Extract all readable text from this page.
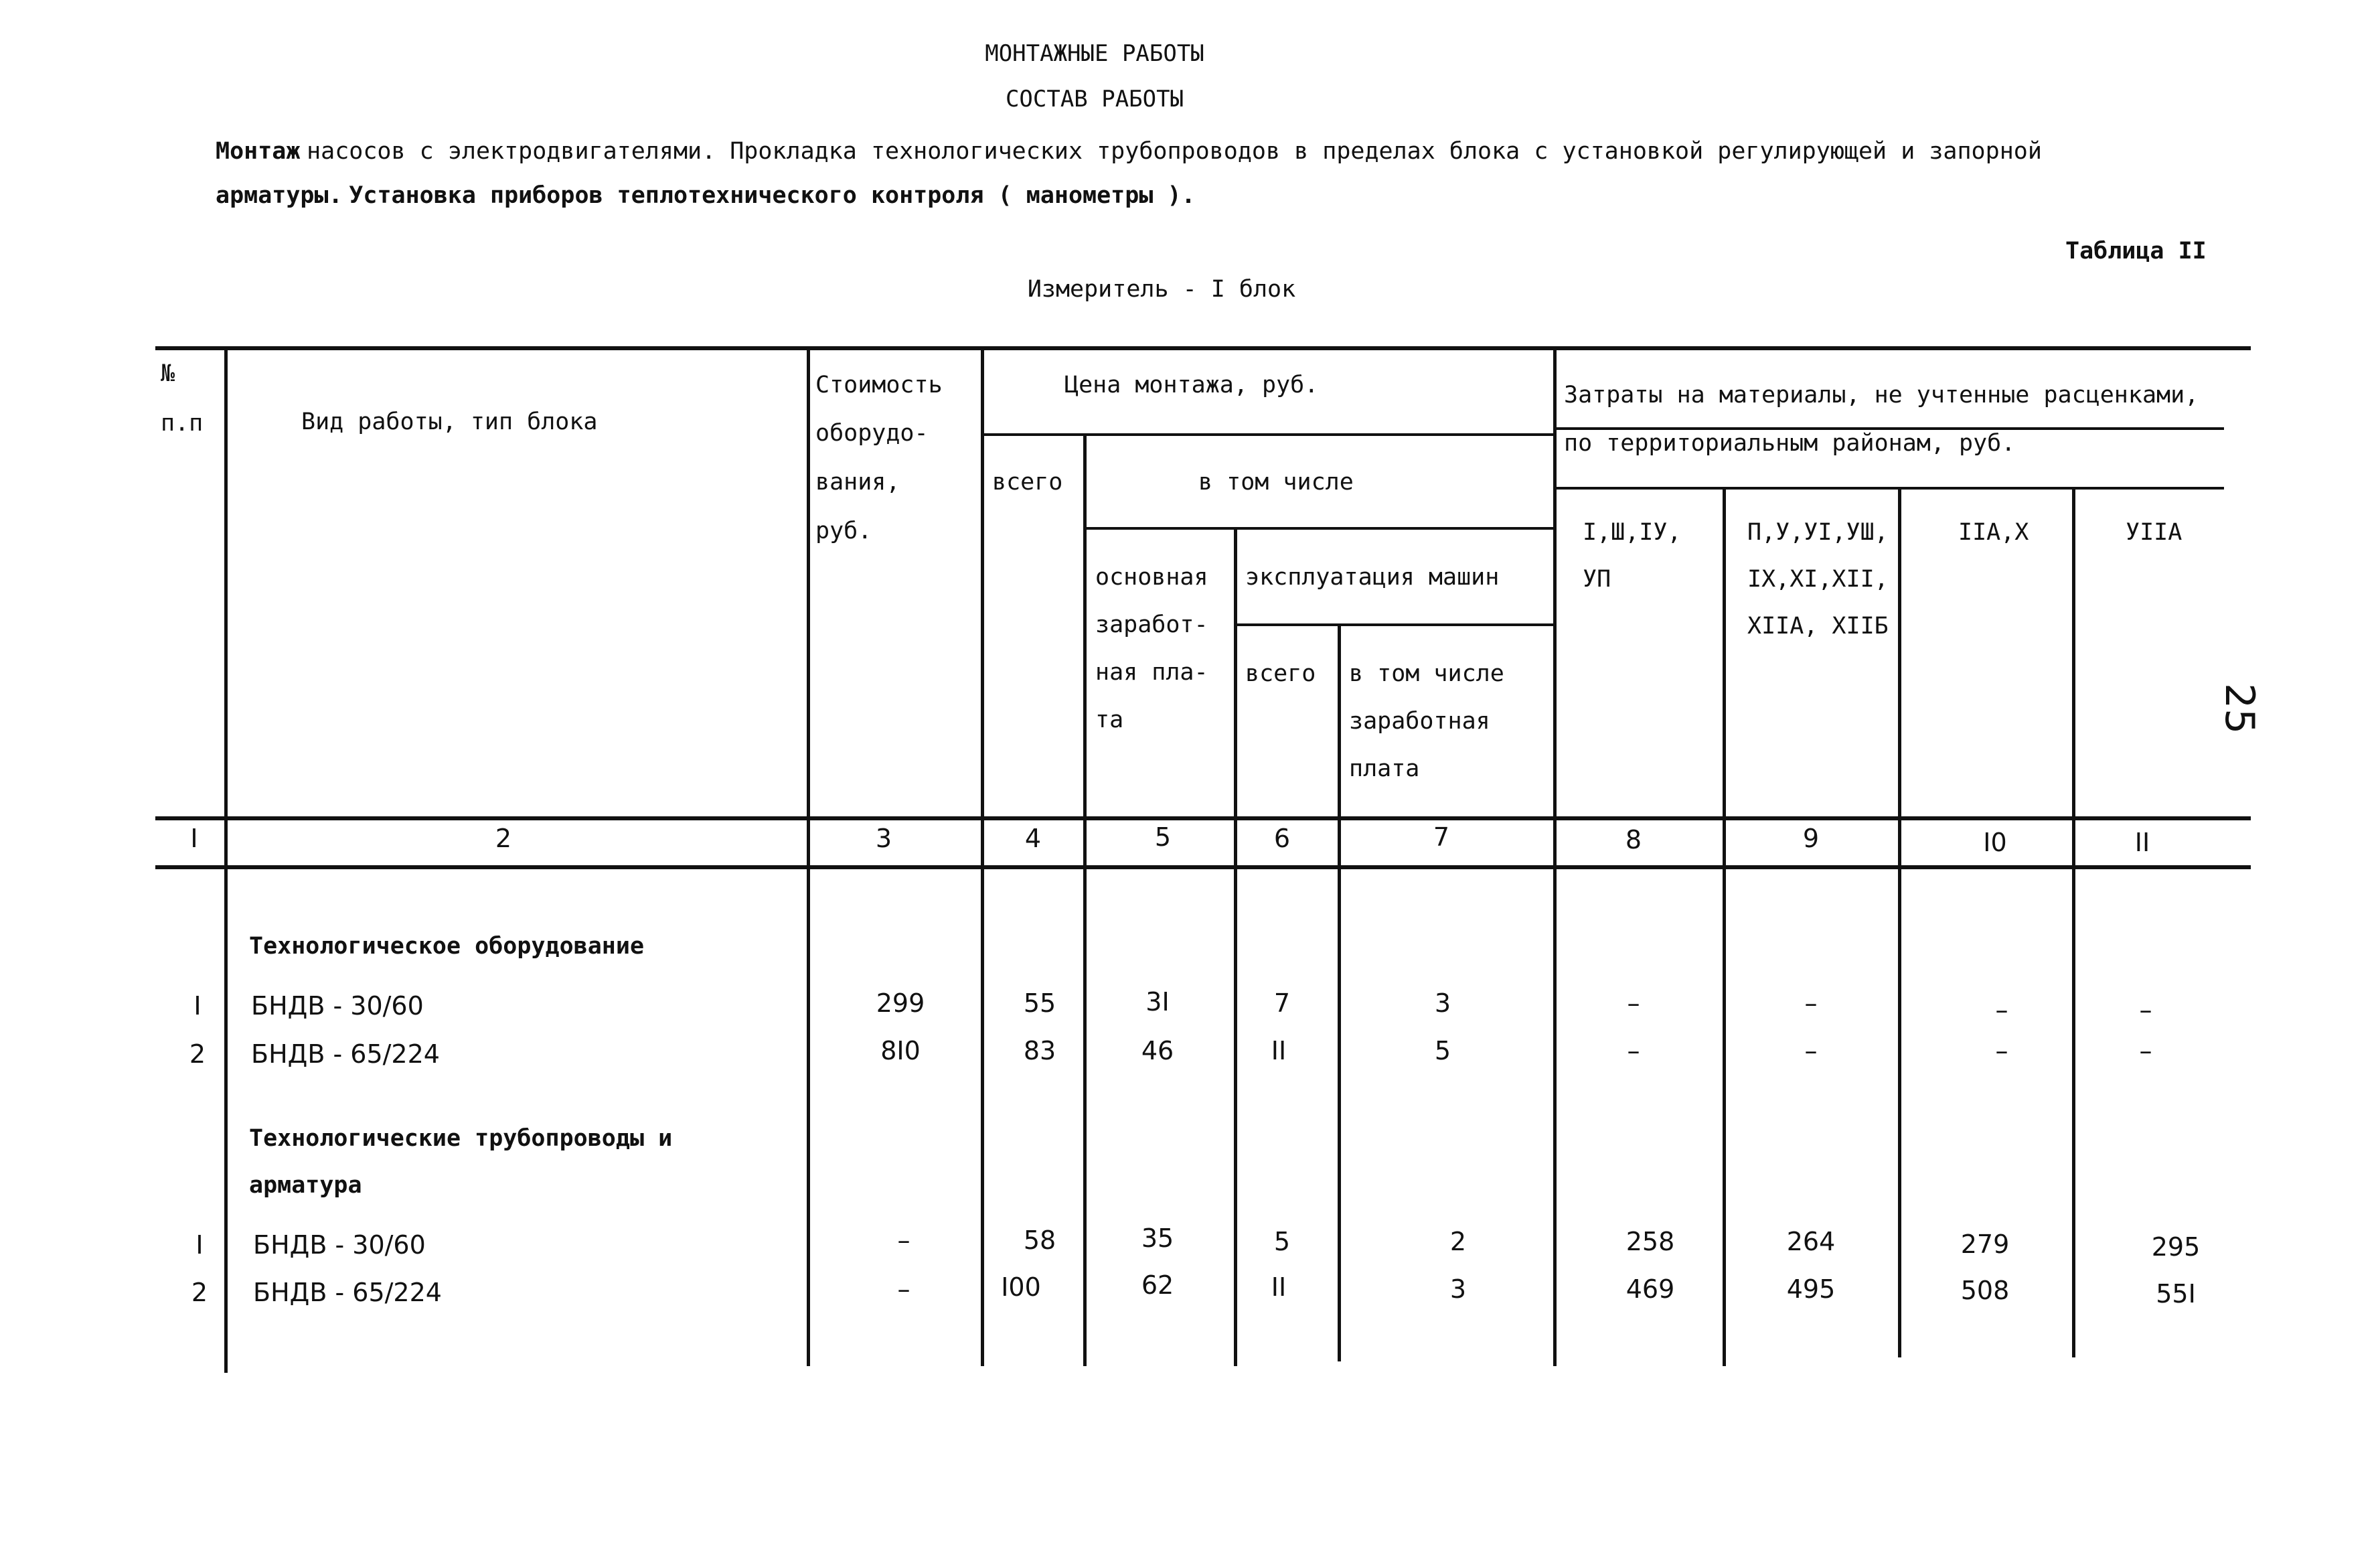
МОНТАЖНЫЕ РАБОТЫ
СОСТАВ РАБОТЫ
Монтаж насосов с электродвигателями. Прокладка технологических трубопроводов в пределах блока с установкой регулирующей и запорной
арматуры. Установка приборов теплотехнического контроля ( манометры ).
Таблица II
Измеритель - I блок
25
№
п.п	Вид работы, тип блока
Стоимость
оборудо-
вания,
руб.
Цена монтажа, руб.
всего	в том числе
основная
заработ-
ная пла-
та
эксплуатация машин
всего в том числе
заработная
плата
Затраты на материалы, не учтенные расценками,
по территориальным районам, руб.
I,Ш,IУ,
УП
П,У,УI,УШ,
IX,XI,XII,
XIIА, XIIБ
IIА,X	УIIА
I	2	3	4	5	6	7	8	9	I0	II
Технологическое оборудование
I БНДВ - 30/60	299	55	3I	7	3	–	–	–	–
2 БНДВ - 65/224	8I0	83	46	II	5	–	–	–	–
Технологические трубопроводы и
арматура
I БНДВ - 30/60	–	58	35	5	2	258	264	279	295
2 БНДВ - 65/224	–	I00	62	II	3	469	495	508	55I
